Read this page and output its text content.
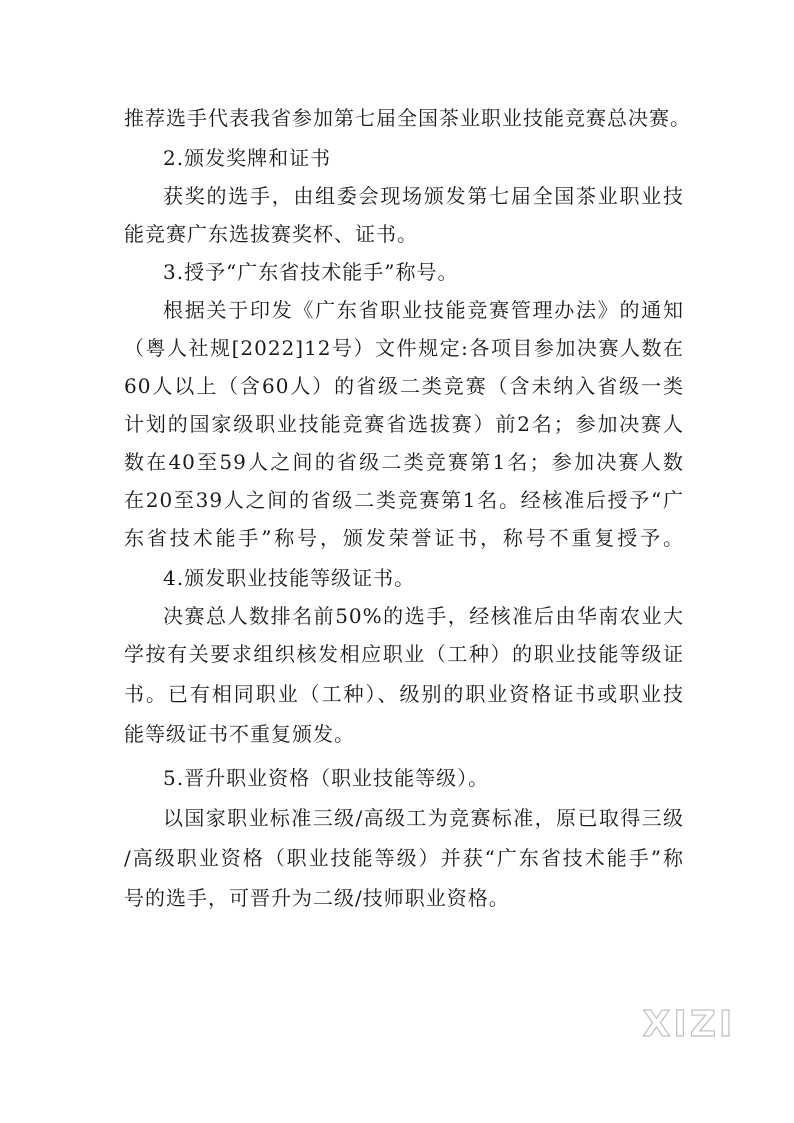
推荐选手代表我省参加第七届全国茶业职业技能竞赛总决赛。
2.颁发奖牌和证书
获奖的选手，由组委会现场颁发第七届全国茶业职业技
能竞赛广东选拔赛奖杯、证书。
3.授予“广东省技术能手”称号。
根据关于印发《广东省职业技能竞赛管理办法》的通知
（粤人社规[2022]12号）文件规定:各项目参加决赛人数在
60人以上（含60人）的省级二类竞赛（含未纳入省级一类
计划的国家级职业技能竞赛省选拔赛）前2名；参加决赛人
数在40至59人之间的省级二类竞赛第1名；参加决赛人数
在20至39人之间的省级二类竞赛第1名。经核准后授予“广
东省技术能手”称号，颁发荣誉证书，称号不重复授予。
4.颁发职业技能等级证书。
决赛总人数排名前50%的选手，经核准后由华南农业大
学按有关要求组织核发相应职业（工种）的职业技能等级证
书。已有相同职业（工种）、级别的职业资格证书或职业技
能等级证书不重复颁发。
5.晋升职业资格（职业技能等级）。
以国家职业标准三级/高级工为竞赛标准，原已取得三级
/高级职业资格（职业技能等级）并获“广东省技术能手”称
号的选手，可晋升为二级/技师职业资格。
XIZI
